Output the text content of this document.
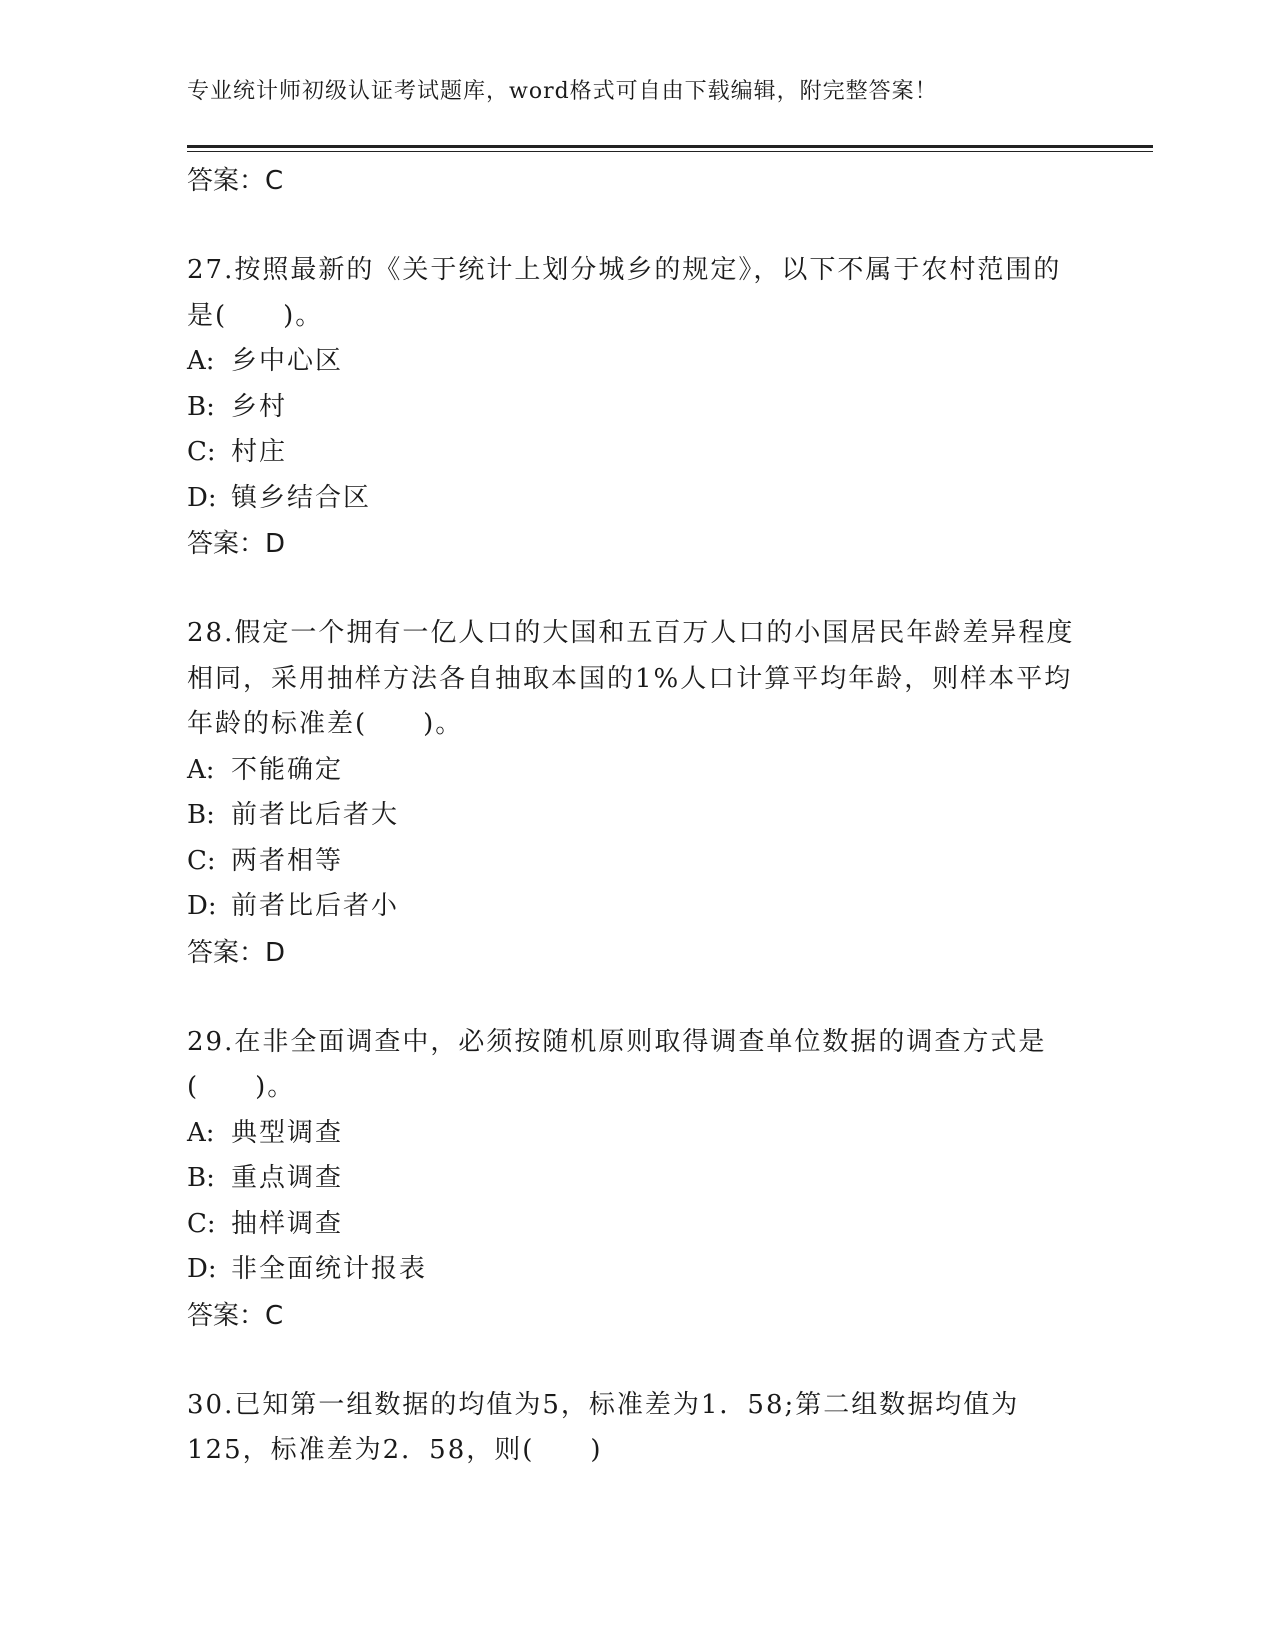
专业统计师初级认证考试题库，word格式可自由下载编辑，附完整答案！
答案：C

27.按照最新的《关于统计上划分城乡的规定》，以下不属于农村范围的是(　　)。

A: 乡中心区
B: 乡村
C: 村庄
D: 镇乡结合区
答案：D

28.假定一个拥有一亿人口的大国和五百万人口的小国居民年龄差异程度相同，采用抽样方法各自抽取本国的1%人口计算平均年龄，则样本平均年龄的标准差(　　)。

A: 不能确定
B: 前者比后者大
C: 两者相等
D: 前者比后者小
答案：D

29.在非全面调查中，必须按随机原则取得调查单位数据的调查方式是(　　)。

A: 典型调查
B: 重点调查
C: 抽样调查
D: 非全面统计报表
答案：C

30.已知第一组数据的均值为5，标准差为1．58;第二组数据均值为125，标准差为2．58，则(　　)
